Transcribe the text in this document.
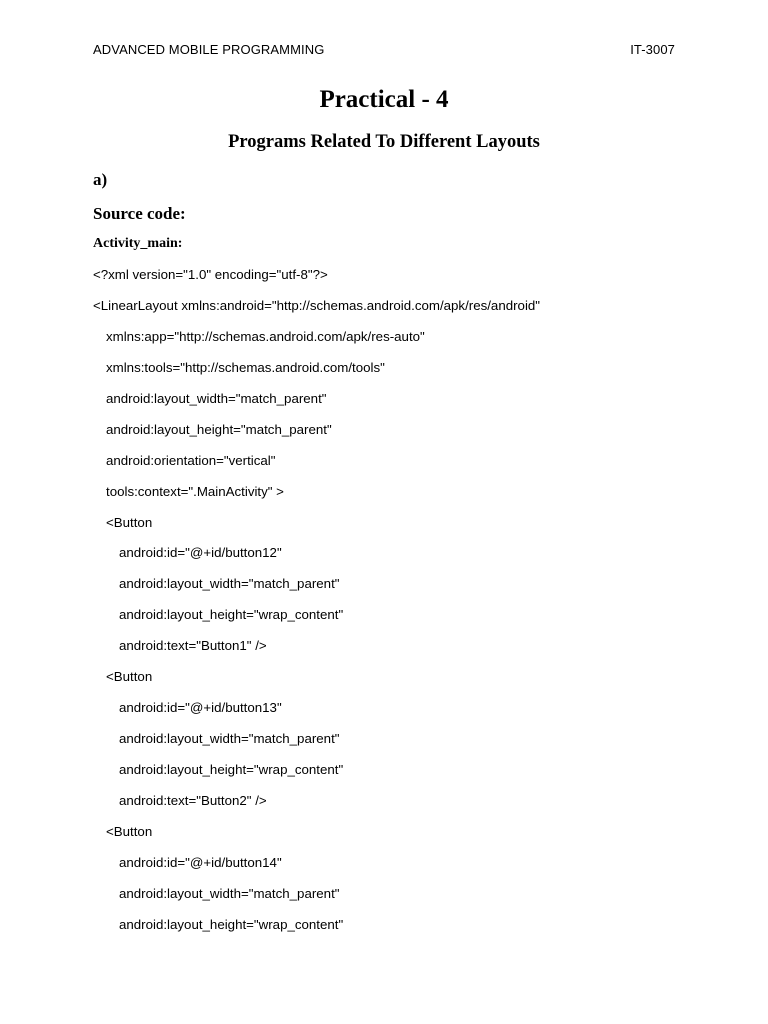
ADVANCED MOBILE PROGRAMMING	IT-3007
Practical - 4
Programs Related To Different Layouts
a)
Source code:
Activity_main:
<?xml version="1.0" encoding="utf-8"?>
<LinearLayout xmlns:android="http://schemas.android.com/apk/res/android"
xmlns:app="http://schemas.android.com/apk/res-auto"
xmlns:tools="http://schemas.android.com/tools"
android:layout_width="match_parent"
android:layout_height="match_parent"
android:orientation="vertical"
tools:context=".MainActivity" >
<Button
android:id="@+id/button12"
android:layout_width="match_parent"
android:layout_height="wrap_content"
android:text="Button1" />
<Button
android:id="@+id/button13"
android:layout_width="match_parent"
android:layout_height="wrap_content"
android:text="Button2" />
<Button
android:id="@+id/button14"
android:layout_width="match_parent"
android:layout_height="wrap_content"
